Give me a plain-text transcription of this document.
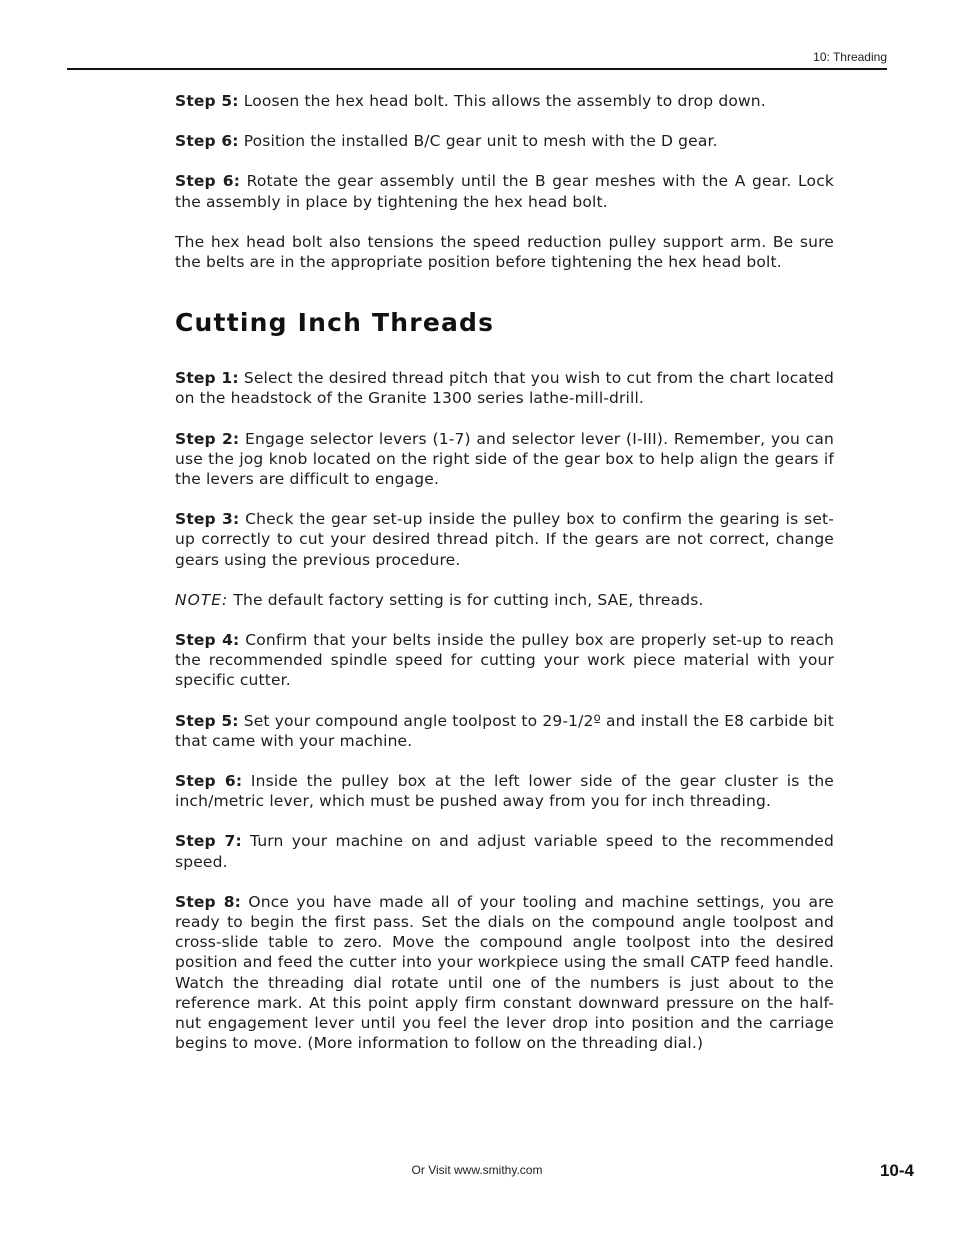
10: Threading

Step 5: Loosen the hex head bolt. This allows the assembly to drop down.

Step 6: Position the installed B/C gear unit to mesh with the D gear.

Step 6: Rotate the gear assembly until the B gear meshes with the A gear. Lock the assembly in place by tightening the hex head bolt.

The hex head bolt also tensions the speed reduction pulley support arm. Be sure the belts are in the appropriate position before tightening the hex head bolt.

Cutting Inch Threads

Step 1: Select the desired thread pitch that you wish to cut from the chart located on the headstock of the Granite 1300 series lathe-mill-drill.

Step 2: Engage selector levers (1-7) and selector lever (I-III). Remember, you can use the jog knob located on the right side of the gear box to help align the gears if the levers are difficult to engage.

Step 3: Check the gear set-up inside the pulley box to confirm the gearing is set-up correctly to cut your desired thread pitch. If the gears are not correct, change gears using the previous procedure.

NOTE: The default factory setting is for cutting inch, SAE, threads.

Step 4: Confirm that your belts inside the pulley box are properly set-up to reach the recommended spindle speed for cutting your work piece material with your specific cutter.

Step 5: Set your compound angle toolpost to 29-1/2º and install the E8 carbide bit that came with your machine.

Step 6: Inside the pulley box at the left lower side of the gear cluster is the inch/metric lever, which must be pushed away from you for inch threading.

Step 7: Turn your machine on and adjust variable speed to the recommended speed.

Step 8: Once you have made all of your tooling and machine settings, you are ready to begin the first pass. Set the dials on the compound angle toolpost and cross-slide table to zero. Move the compound angle toolpost into the desired position and feed the cutter into your workpiece using the small CATP feed handle. Watch the threading dial rotate until one of the numbers is just about to the reference mark. At this point apply firm constant downward pressure on the half-nut engagement lever until you feel the lever drop into position and the carriage begins to move. (More information to follow on the threading dial.)

Or Visit www.smithy.com	10-4
